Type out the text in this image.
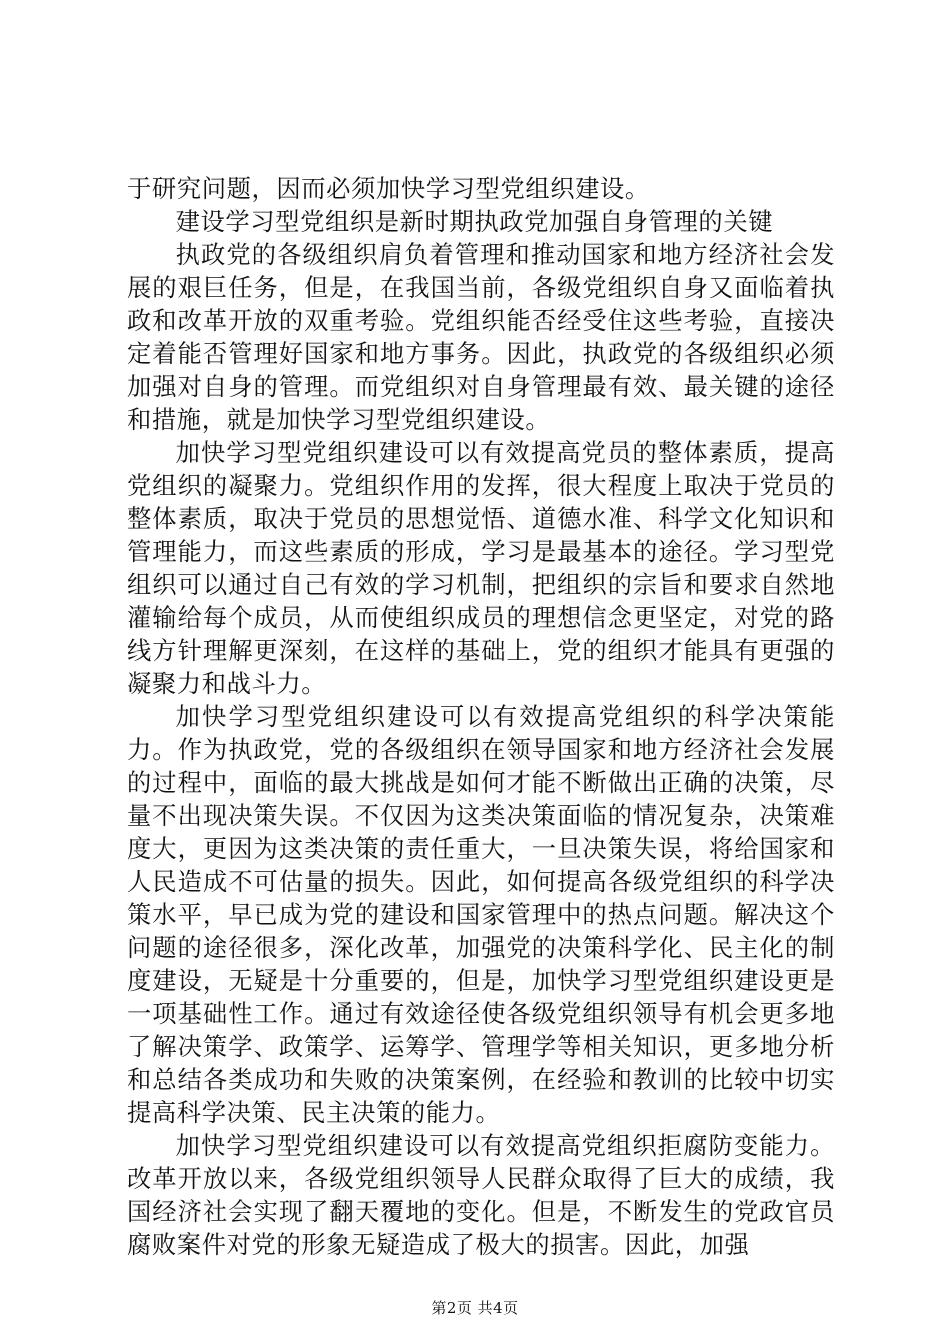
于研究问题，因而必须加快学习型党组织建设。

建设学习型党组织是新时期执政党加强自身管理的关键

执政党的各级组织肩负着管理和推动国家和地方经济社会发展的艰巨任务，但是，在我国当前，各级党组织自身又面临着执政和改革开放的双重考验。党组织能否经受住这些考验，直接决定着能否管理好国家和地方事务。因此，执政党的各级组织必须加强对自身的管理。而党组织对自身管理最有效、最关键的途径和措施，就是加快学习型党组织建设。

加快学习型党组织建设可以有效提高党员的整体素质，提高党组织的凝聚力。党组织作用的发挥，很大程度上取决于党员的整体素质，取决于党员的思想觉悟、道德水准、科学文化知识和管理能力，而这些素质的形成，学习是最基本的途径。学习型党组织可以通过自己有效的学习机制，把组织的宗旨和要求自然地灌输给每个成员，从而使组织成员的理想信念更坚定，对党的路线方针理解更深刻，在这样的基础上，党的组织才能具有更强的凝聚力和战斗力。

加快学习型党组织建设可以有效提高党组织的科学决策能力。作为执政党，党的各级组织在领导国家和地方经济社会发展的过程中，面临的最大挑战是如何才能不断做出正确的决策，尽量不出现决策失误。不仅因为这类决策面临的情况复杂，决策难度大，更因为这类决策的责任重大，一旦决策失误，将给国家和人民造成不可估量的损失。因此，如何提高各级党组织的科学决策水平，早已成为党的建设和国家管理中的热点问题。解决这个问题的途径很多，深化改革，加强党的决策科学化、民主化的制度建设，无疑是十分重要的，但是，加快学习型党组织建设更是一项基础性工作。通过有效途径使各级党组织领导有机会更多地了解决策学、政策学、运筹学、管理学等相关知识，更多地分析和总结各类成功和失败的决策案例，在经验和教训的比较中切实提高科学决策、民主决策的能力。

加快学习型党组织建设可以有效提高党组织拒腐防变能力。改革开放以来，各级党组织领导人民群众取得了巨大的成绩，我国经济社会实现了翻天覆地的变化。但是，不断发生的党政官员腐败案件对党的形象无疑造成了极大的损害。因此，加强

第2页 共4页
